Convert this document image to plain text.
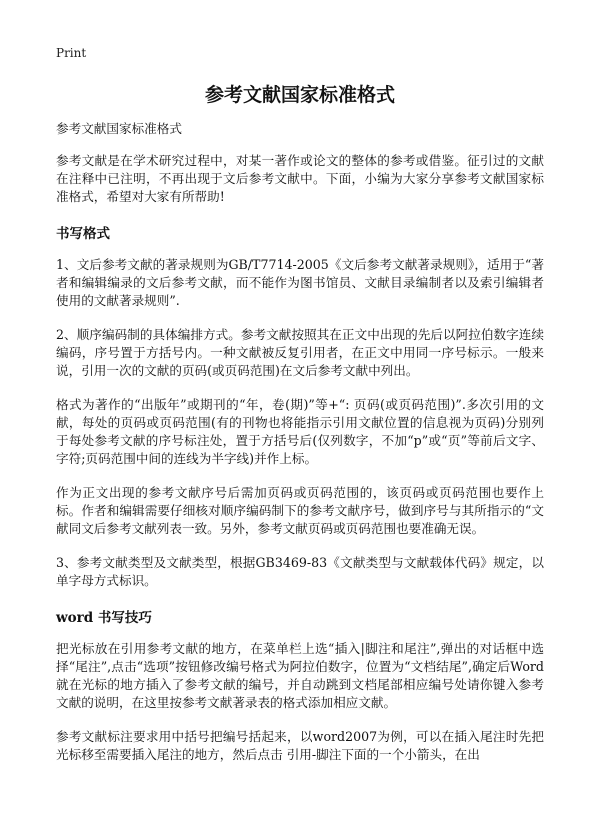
Print
参考文献国家标准格式

参考文献国家标准格式

参考文献是在学术研究过程中，对某一著作或论文的整体的参考或借鉴。征引过的文献在注释中已注明，不再出现于文后参考文献中。下面，小编为大家分享参考文献国家标准格式，希望对大家有所帮助!

书写格式

1、文后参考文献的著录规则为GB/T7714-2005《文后参考文献著录规则》，适用于“著者和编辑编录的文后参考文献，而不能作为图书馆员、文献目录编制者以及索引编辑者使用的文献著录规则”.

2、顺序编码制的具体编排方式。参考文献按照其在正文中出现的先后以阿拉伯数字连续编码，序号置于方括号内。一种文献被反复引用者，在正文中用同一序号标示。一般来说，引用一次的文献的页码(或页码范围)在文后参考文献中列出。

格式为著作的“出版年”或期刊的“年，卷(期)”等+“: 页码(或页码范围)”.多次引用的文献，每处的页码或页码范围(有的刊物也将能指示引用文献位置的信息视为页码)分别列于每处参考文献的序号标注处，置于方括号后(仅列数字，不加“p”或“页”等前后文字、字符;页码范围中间的连线为半字线)并作上标。

作为正文出现的参考文献序号后需加页码或页码范围的，该页码或页码范围也要作上标。作者和编辑需要仔细核对顺序编码制下的参考文献序号，做到序号与其所指示的“文献同文后参考文献列表一致。另外，参考文献页码或页码范围也要准确无误。

3、参考文献类型及文献类型，根据GB3469-83《文献类型与文献载体代码》规定，以单字母方式标识。

word 书写技巧

把光标放在引用参考文献的地方，在菜单栏上选“插入|脚注和尾注”,弹出的对话框中选择“尾注”,点击“选项”按钮修改编号格式为阿拉伯数字，位置为“文档结尾”,确定后Word就在光标的地方插入了参考文献的编号，并自动跳到文档尾部相应编号处请你键入参考文献的说明，在这里按参考文献著录表的格式添加相应文献。

参考文献标注要求用中括号把编号括起来，以word2007为例，可以在插入尾注时先把光标移至需要插入尾注的地方，然后点击 引用-脚注下面的一个小箭头，在出
